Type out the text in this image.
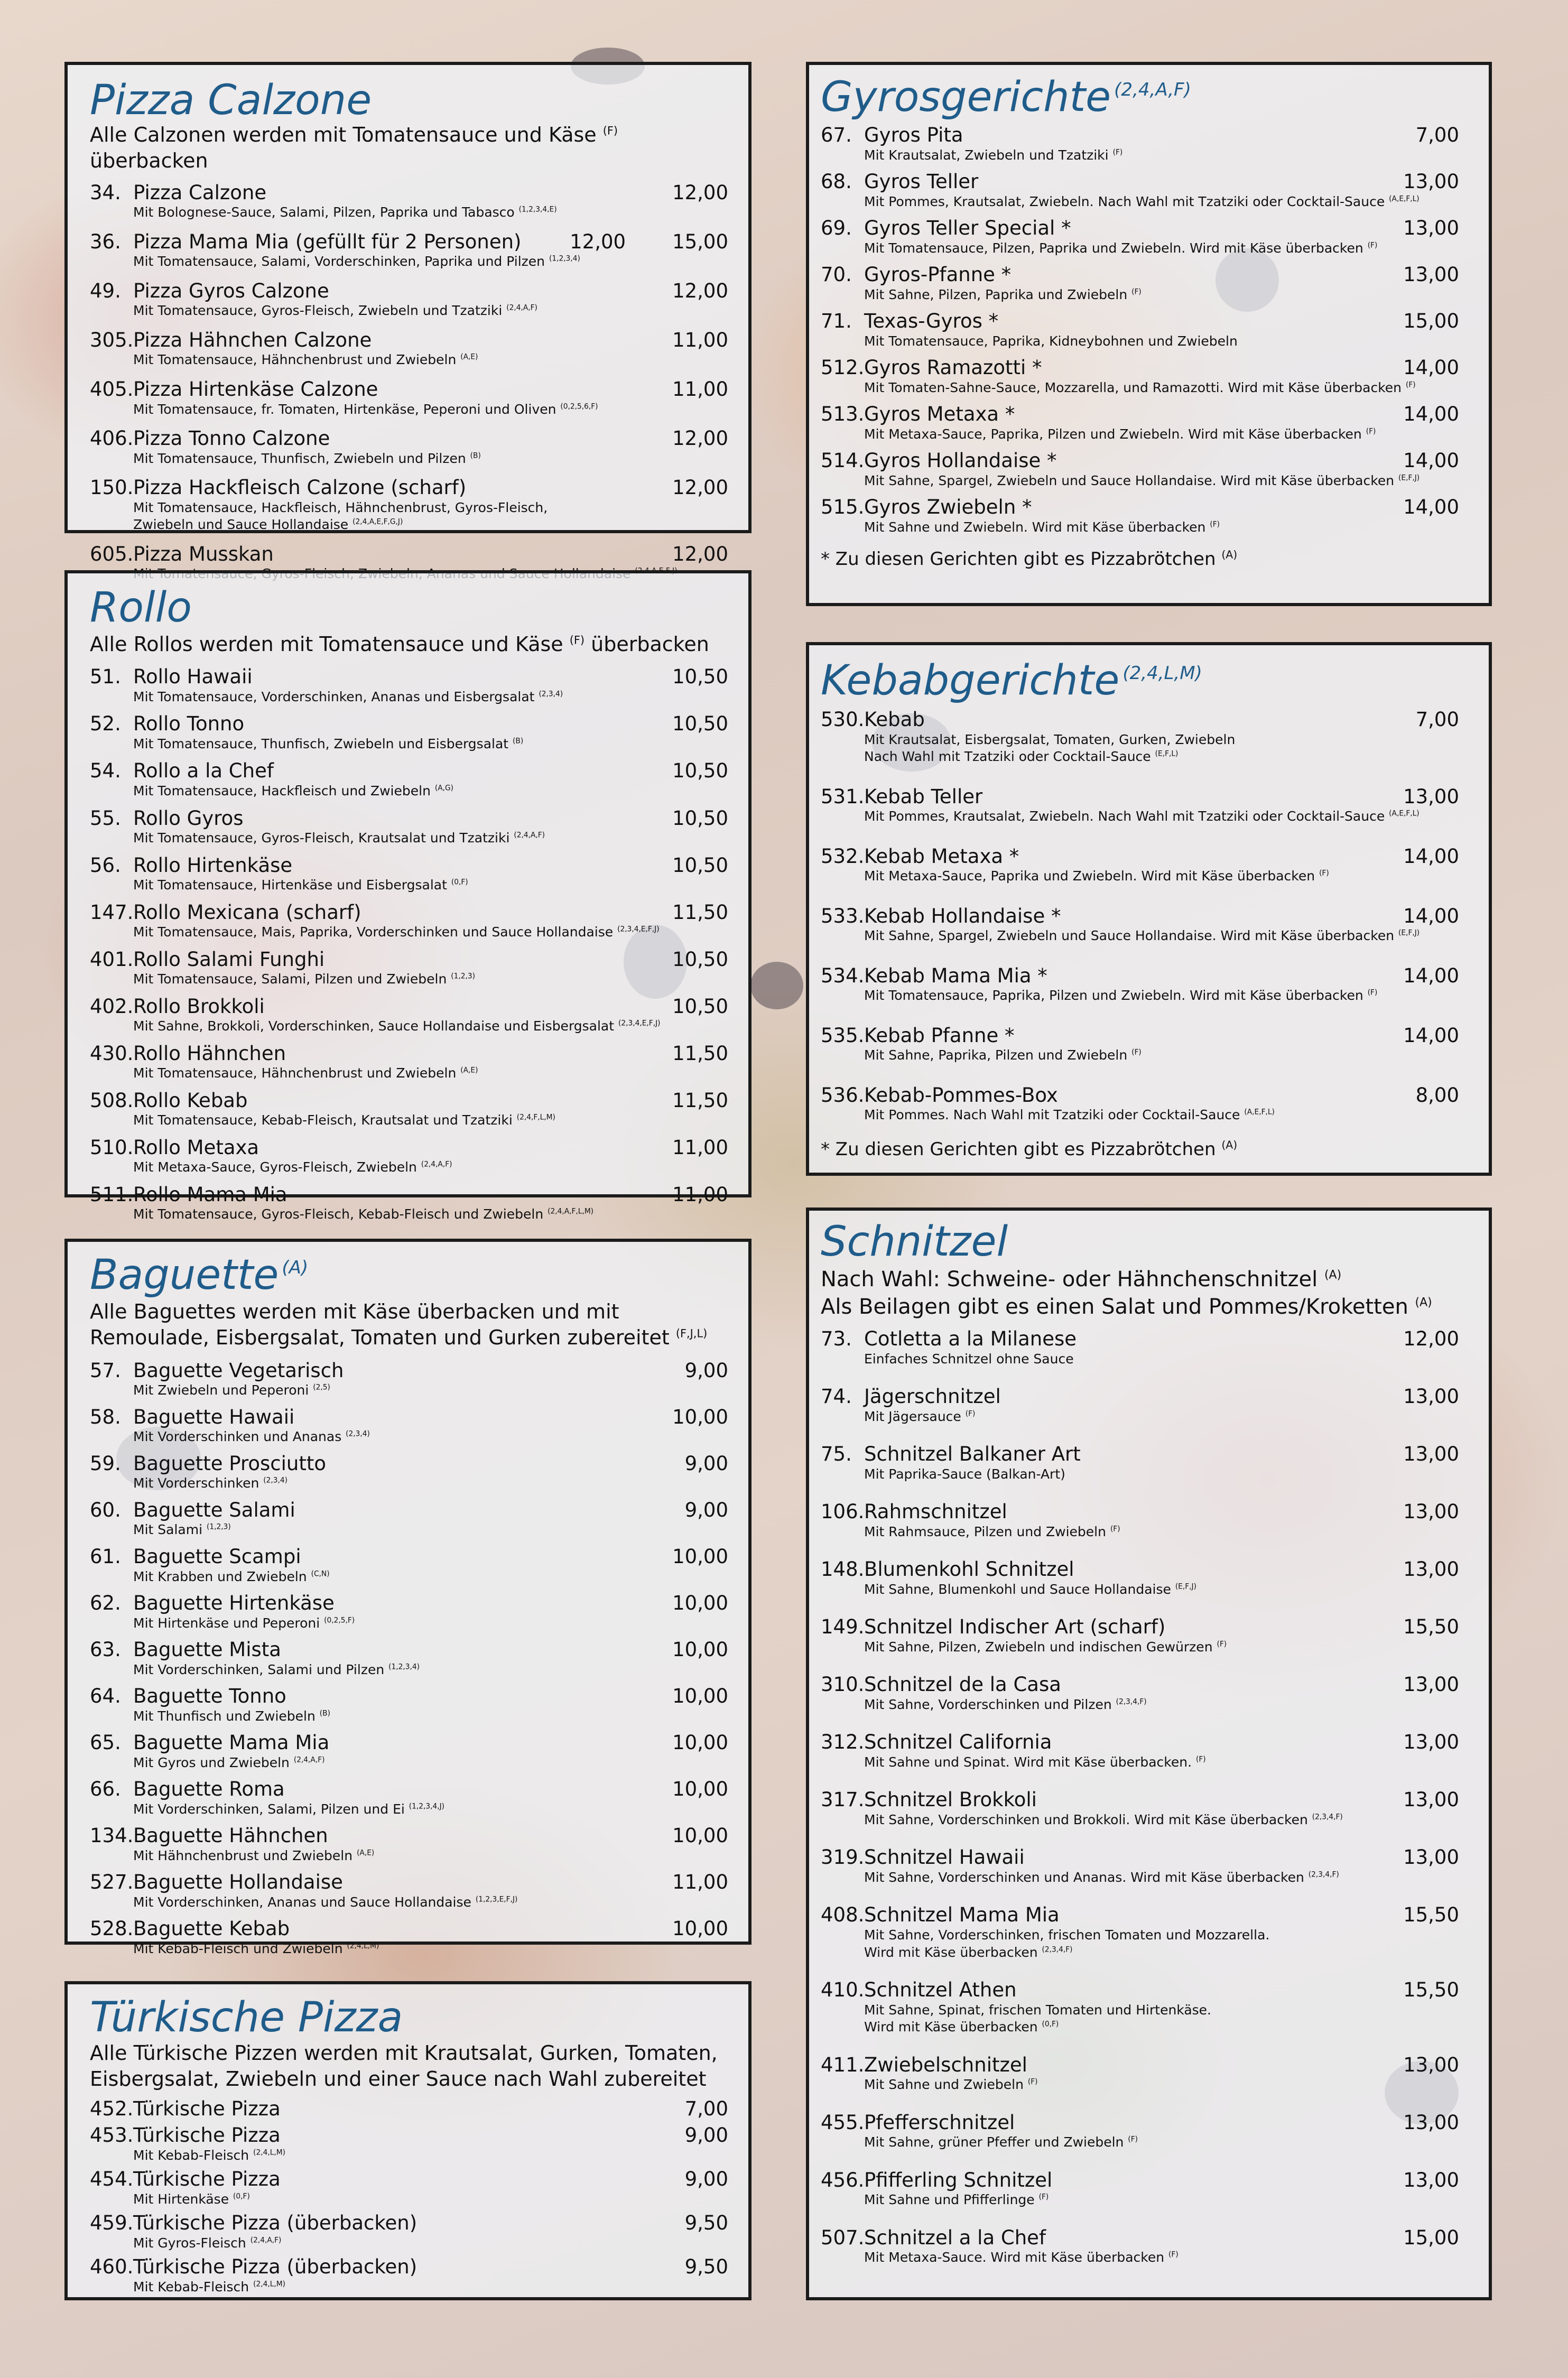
Pizza Calzone
Alle Calzonen werden mit Tomatensauce und Käse $^{(F)}$ überbacken
34. Pizza Calzone	12,00
Mit Bolognese-Sauce, Salami, Pilzen, Paprika und Tabasco $^{(1,2,3,4,E)}$
36. Pizza Mama Mia (gefüllt für 2 Personen)	12,00 15,00
Mit Tomatensauce, Salami, Vorderschinken, Paprika und Pilzen $^{(1,2,3,4)}$
49. Pizza Gyros Calzone	12,00
Mit Tomatensauce, Gyros-Fleisch, Zwiebeln und Tzatziki $^{(2,4,A,F)}$
305. Pizza Hähnchen Calzone	11,00
Mit Tomatensauce, Hähnchenbrust und Zwiebeln $^{(A,E)}$
405. Pizza Hirtenkäse Calzone	11,00
Mit Tomatensauce, fr. Tomaten, Hirtenkäse, Peperoni und Oliven $^{(0,2,5,6,F)}$
406. Pizza Tonno Calzone	12,00
Mit Tomatensauce, Thunfisch, Zwiebeln und Pilzen $^{(B)}$
150. Pizza Hackfleisch Calzone (scharf)	12,00
Mit Tomatensauce, Hackfleisch, Hähnchenbrust, Gyros-Fleisch,
Zwiebeln und Sauce Hollandaise $^{(2,4,A,E,F,G,J)}$
605. Pizza Musskan	12,00
Rollo
Alle Rollos werden mit Tomatensauce und Käse $^{(F)}$ überbacken
51. Rollo Hawaii	10,50
Mit Tomatensauce, Vorderschinken, Ananas und Eisbergsalat $^{(2,3,4)}$
52. Rollo Tonno	10,50
Mit Tomatensauce, Thunfisch, Zwiebeln und Eisbergsalat $^{(B)}$
54. Rollo a la Chef	10,50
Mit Tomatensauce, Hackfleisch und Zwiebeln $^{(A,G)}$
55. Rollo Gyros	10,50
Mit Tomatensauce, Gyros-Fleisch, Krautsalat und Tzatziki $^{(2,4,A,F)}$
56. Rollo Hirtenkäse	10,50
Mit Tomatensauce, Hirtenkäse und Eisbergsalat $^{(0,F)}$
147. Rollo Mexicana (scharf)	11,50
Mit Tomatensauce, Mais, Paprika, Vorderschinken und Sauce Hollandaise $^{(2,3,4,E,F,J)}$
401. Rollo Salami Funghi	10,50
Mit Tomatensauce, Salami, Pilzen und Zwiebeln $^{(1,2,3)}$
402. Rollo Brokkoli	10,50
Mit Sahne, Brokkoli, Vorderschinken, Sauce Hollandaise und Eisbergsalat $^{(2,3,4,E,F,J)}$
430. Rollo Hähnchen	11,50
Mit Tomatensauce, Hähnchenbrust und Zwiebeln $^{(A,E)}$
508. Rollo Kebab	11,50
Mit Tomatensauce, Kebab-Fleisch, Krautsalat und Tzatziki $^{(2,4,F,L,M)}$
510. Rollo Metaxa	11,00
Mit Metaxa-Sauce, Gyros-Fleisch, Zwiebeln $^{(2,4,A,F)}$
511. Rollo Mama Mia	11,00
Mit Tomatensauce, Gyros-Fleisch, Kebab-Fleisch und Zwiebeln $^{(2,4,A,F,L,M)}$
Baguette $^{(A)}$
Alle Baguettes werden mit Käse überbacken und mit
Remoulade, Eisbergsalat, Tomaten und Gurken zubereitet $^{(F,J,L)}$
57. Baguette Vegetarisch	9,00
Mit Zwiebeln und Peperoni $^{(2,5)}$
58. Baguette Hawaii	10,00
Mit Vorderschinken und Ananas $^{(2,3,4)}$
59. Baguette Prosciutto	9,00
Mit Vorderschinken $^{(2,3,4)}$
60. Baguette Salami	9,00
Mit Salami $^{(1,2,3)}$
61. Baguette Scampi	10,00
Mit Krabben und Zwiebeln $^{(C,N)}$
62. Baguette Hirtenkäse	10,00
Mit Hirtenkäse und Peperoni $^{(0,2,5,F)}$
63. Baguette Mista	10,00
Mit Vorderschinken, Salami und Pilzen $^{(1,2,3,4)}$
64. Baguette Tonno	10,00
Mit Thunfisch und Zwiebeln $^{(B)}$
65. Baguette Mama Mia	10,00
Mit Gyros und Zwiebeln $^{(2,4,A,F)}$
66. Baguette Roma	10,00
Mit Vorderschinken, Salami, Pilzen und Ei $^{(1,2,3,4,J)}$
134. Baguette Hähnchen	10,00
Mit Hähnchenbrust und Zwiebeln $^{(A,E)}$
527. Baguette Hollandaise	11,00
Mit Vorderschinken, Ananas und Sauce Hollandaise $^{(1,2,3,E,F,J)}$
528. Baguette Kebab	10,00
Mit Kebab-Fleisch und Zwiebeln $^{(2,4,L,M)}$
Türkische Pizza
Alle Türkische Pizzen werden mit Krautsalat, Gurken, Tomaten,
Eisbergsalat, Zwiebeln und einer Sauce nach Wahl zubereitet
452. Türkische Pizza	7,00
453. Türkische Pizza	9,00
Mit Kebab-Fleisch $^{(2,4,L,M)}$
454. Türkische Pizza	9,00
Mit Hirtenkäse $^{(0,F)}$
459. Türkische Pizza (überbacken)	9,50
Mit Gyros-Fleisch $^{(2,4,A,F)}$
460. Türkische Pizza (überbacken)	9,50
Mit Kebab-Fleisch $^{(2,4,L,M)}$
Gyrosgerichte $^{(2,4,A,F)}$
67. Gyros Pita	7,00
Mit Krautsalat, Zwiebeln und Tzatziki $^{(F)}$
68. Gyros Teller	13,00
Mit Pommes, Krautsalat, Zwiebeln. Nach Wahl mit Tzatziki oder Cocktail-Sauce $^{(A,E,F,L)}$
69. Gyros Teller Special *	13,00
Mit Tomatensauce, Pilzen, Paprika und Zwiebeln. Wird mit Käse überbacken $^{(F)}$
70. Gyros-Pfanne *	13,00
Mit Sahne, Pilzen, Paprika und Zwiebeln $^{(F)}$
71. Texas-Gyros *	15,00
Mit Tomatensauce, Paprika, Kidneybohnen und Zwiebeln
512. Gyros Ramazotti *	14,00
Mit Tomaten-Sahne-Sauce, Mozzarella, und Ramazotti. Wird mit Käse überbacken $^{(F)}$
513. Gyros Metaxa *	14,00
Mit Metaxa-Sauce, Paprika, Pilzen und Zwiebeln. Wird mit Käse überbacken $^{(F)}$
514. Gyros Hollandaise *	14,00
Mit Sahne, Spargel, Zwiebeln und Sauce Hollandaise. Wird mit Käse überbacken $^{(E,F,J)}$
515. Gyros Zwiebeln *	14,00
Mit Sahne und Zwiebeln. Wird mit Käse überbacken $^{(F)}$
* Zu diesen Gerichten gibt es Pizzabrötchen $^{(A)}$
Kebabgerichte $^{(2,4,L,M)}$
530. Kebab	7,00
Mit Krautsalat, Eisbergsalat, Tomaten, Gurken, Zwiebeln
Nach Wahl mit Tzatziki oder Cocktail-Sauce $^{(E,F,L)}$
531. Kebab Teller	13,00
Mit Pommes, Krautsalat, Zwiebeln. Nach Wahl mit Tzatziki oder Cocktail-Sauce $^{(A,E,F,L)}$
532. Kebab Metaxa *	14,00
Mit Metaxa-Sauce, Paprika und Zwiebeln. Wird mit Käse überbacken $^{(F)}$
533. Kebab Hollandaise *	14,00
Mit Sahne, Spargel, Zwiebeln und Sauce Hollandaise. Wird mit Käse überbacken $^{(E,F,J)}$
534. Kebab Mama Mia *	14,00
Mit Tomatensauce, Paprika, Pilzen und Zwiebeln. Wird mit Käse überbacken $^{(F)}$
535. Kebab Pfanne *	14,00
Mit Sahne, Paprika, Pilzen und Zwiebeln $^{(F)}$
536. Kebab-Pommes-Box	8,00
Mit Pommes. Nach Wahl mit Tzatziki oder Cocktail-Sauce $^{(A,E,F,L)}$
* Zu diesen Gerichten gibt es Pizzabrötchen $^{(A)}$
Schnitzel
Nach Wahl: Schweine- oder Hähnchenschnitzel $^{(A)}$
Als Beilagen gibt es einen Salat und Pommes/Kroketten $^{(A)}$
73. Cotletta a la Milanese	12,00
Einfaches Schnitzel ohne Sauce
74. Jägerschnitzel	13,00
Mit Jägersauce $^{(F)}$
75. Schnitzel Balkaner Art	13,00
Mit Paprika-Sauce (Balkan-Art)
106. Rahmschnitzel	13,00
Mit Rahmsauce, Pilzen und Zwiebeln $^{(F)}$
148. Blumenkohl Schnitzel	13,00
Mit Sahne, Blumenkohl und Sauce Hollandaise $^{(E,F,J)}$
149. Schnitzel Indischer Art (scharf)	15,50
Mit Sahne, Pilzen, Zwiebeln und indischen Gewürzen $^{(F)}$
310. Schnitzel de la Casa	13,00
Mit Sahne, Vorderschinken und Pilzen $^{(2,3,4,F)}$
312. Schnitzel California	13,00
Mit Sahne und Spinat. Wird mit Käse überbacken. $^{(F)}$
317. Schnitzel Brokkoli	13,00
Mit Sahne, Vorderschinken und Brokkoli. Wird mit Käse überbacken $^{(2,3,4,F)}$
319. Schnitzel Hawaii	13,00
Mit Sahne, Vorderschinken und Ananas. Wird mit Käse überbacken $^{(2,3,4,F)}$
408. Schnitzel Mama Mia	15,50
Mit Sahne, Vorderschinken, frischen Tomaten und Mozzarella.
Wird mit Käse überbacken $^{(2,3,4,F)}$
410. Schnitzel Athen	15,50
Mit Sahne, Spinat, frischen Tomaten und Hirtenkäse.
Wird mit Käse überbacken $^{(0,F)}$
411. Zwiebelschnitzel	13,00
Mit Sahne und Zwiebeln $^{(F)}$
455. Pfefferschnitzel	13,00
Mit Sahne, grüner Pfeffer und Zwiebeln $^{(F)}$
456. Pfifferling Schnitzel	13,00
Mit Sahne und Pfifferlinge $^{(F)}$
507. Schnitzel a la Chef	15,00
Mit Metaxa-Sauce. Wird mit Käse überbacken $^{(F)}$
